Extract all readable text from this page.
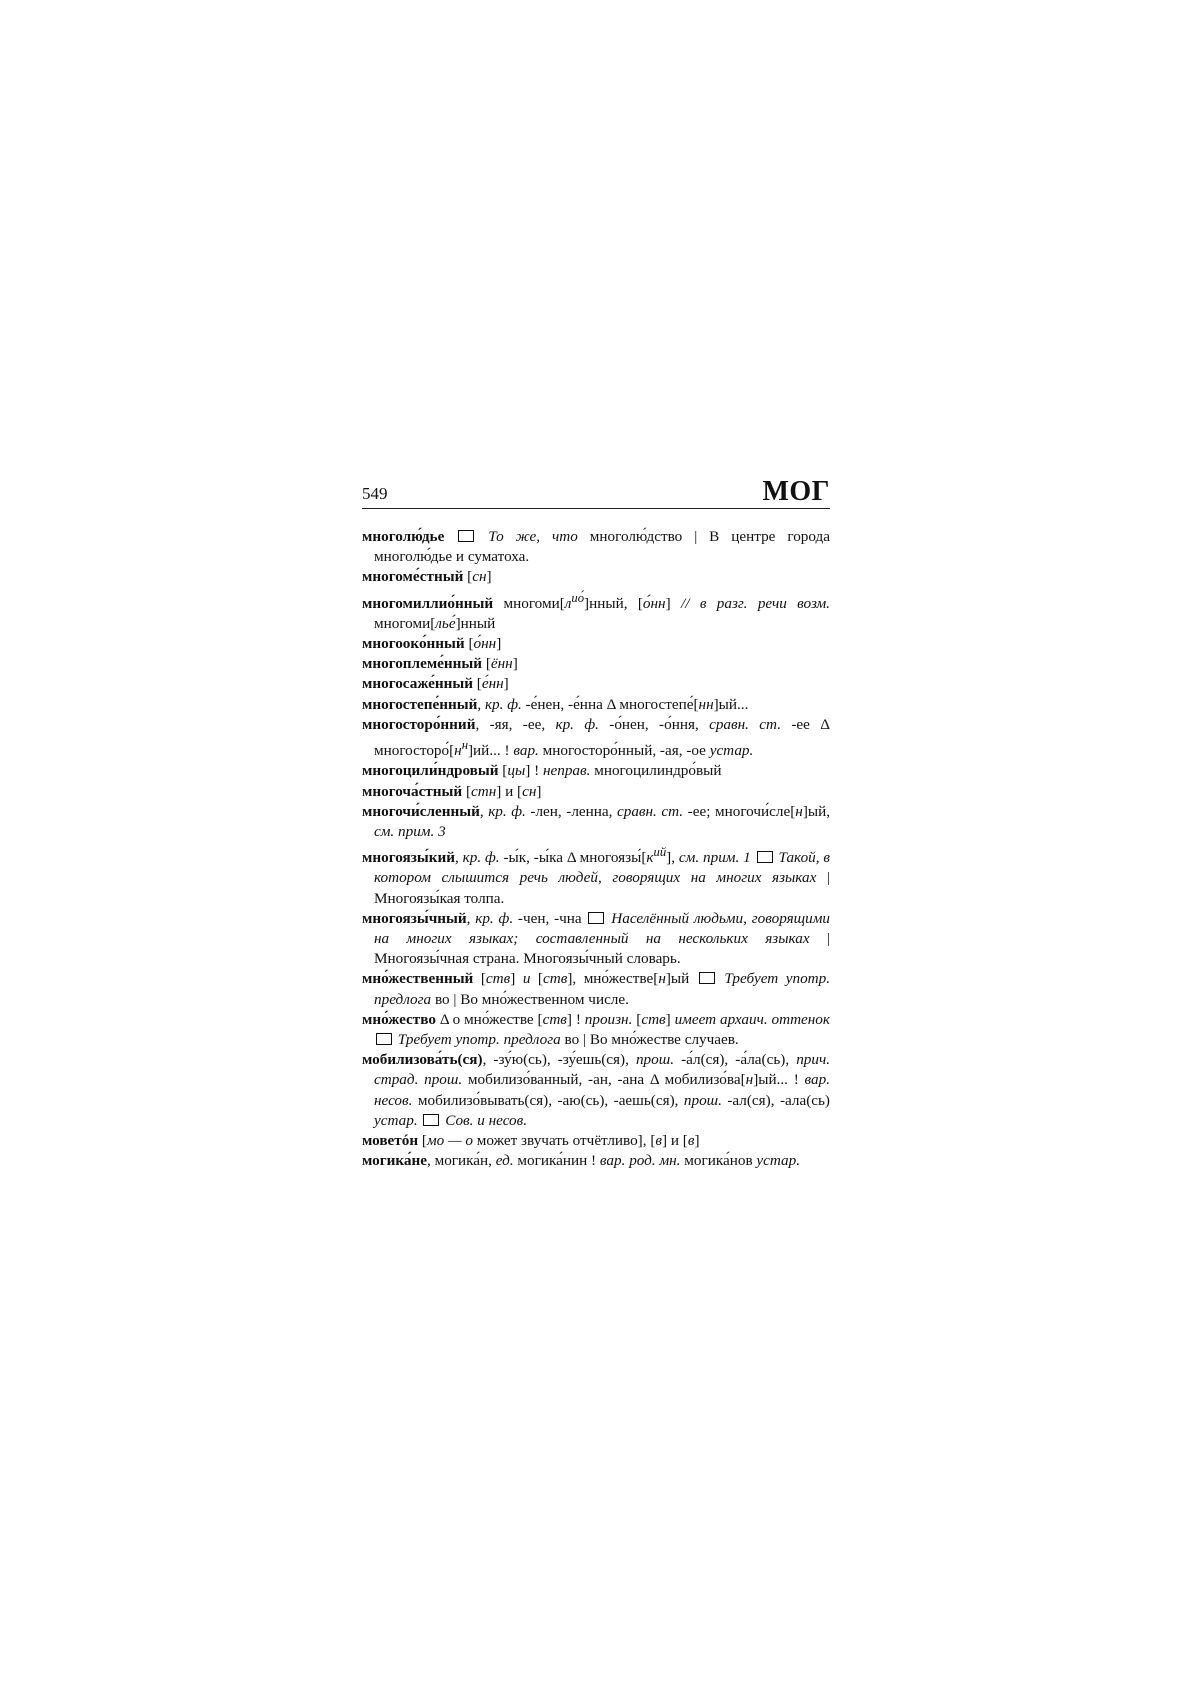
549	МОГ

многолю́дье	То же, что многолю́дство | В центре города многолю́дье и суматоха.

многоме́стный [сн]

многомиллио́нный $многоми[л^{ио́}]нный$, [о́нн] // в разг. речи возм. многоми[лье́]нный

многооко́нный [о́нн]

многоплеме́нный [ённ]

многосаже́нный [е́нн]

многостепе́нный, кр. ф. -е́нен, -е́нна Δ многостепе́[нн]ый...

многосторо́нний, -яя, -ее, кр. ф. -о́нен, -о́ння, сравн. ст. -ее Δ $многосторо́[н^н]ий$... ! вар. многосторо́нный, -ая, -ое устар.

многоцили́ндровый [цы] ! неправ. многоцилиндро́вый

многоча́стный [стн] и [сн]

многочи́сленный, кр. ф. -лен, -ленна, сравн. ст. -ее; многочи́сле[н]ый, см. прим. 3

многоязы́кий, кр. ф. -ы́к, -ы́ка Δ $многоязы́[к^{ий}]$, см. прим. 1 Такой, в котором слышится речь людей, говорящих на многих языках | Многоязы́кая толпа.

многоязы́чный, кр. ф. -чен, -чна  Населённый людьми, говорящими на многих языках; составленный на нескольких языках | Многоязы́чная страна. Многоязы́чный словарь.

мно́жественный [ств] и [ств], мно́жестве[н]ый  Требует употр. предлога во | Во мно́жественном числе.

мно́жество Δ о мно́жестве [ств] ! произн. [ств] имеет архаич. оттенок  Требует употр. предлога во | Во мно́жестве случаев.

мобилизова́ть(ся), -зу́ю(сь), -зу́ешь(ся), прош. -а́л(ся), -а́ла(сь), прич. страд. прош. мобилизо́ванный, -ан, -ана Δ мобилизо́ва[н]ый... ! вар. несов. мобилизо́вывать(ся), -аю(сь), -аешь(ся), прош. -ал(ся), -ала(сь) устар. Сов. и несов.

моветóн [мо — о может звучать отчётливо], [в] и [в]

могика́не, могика́н, ед. могика́нин ! вар. род. мн. могика́нов устар.
